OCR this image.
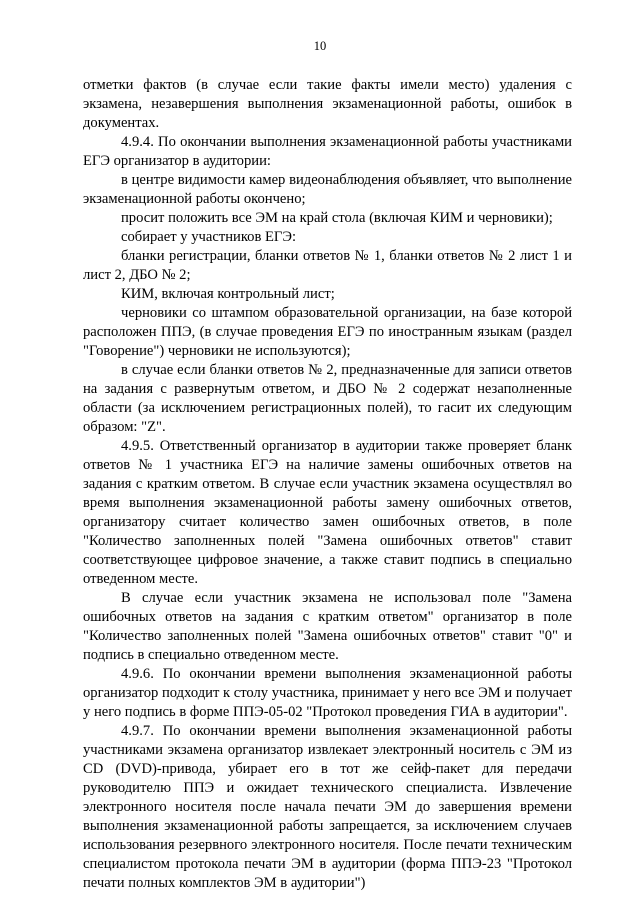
10

отметки фактов (в случае если такие факты имели место) удаления с экзамена, незавершения выполнения экзаменационной работы, ошибок в документах.

4.9.4. По окончании выполнения экзаменационной работы участниками ЕГЭ организатор в аудитории:

в центре видимости камер видеонаблюдения объявляет, что выполнение экзаменационной работы окончено;

просит положить все ЭМ на край стола (включая КИМ и черновики);

собирает у участников ЕГЭ:

бланки регистрации, бланки ответов № 1, бланки ответов № 2 лист 1 и лист 2, ДБО № 2;

КИМ, включая контрольный лист;

черновики со штампом образовательной организации, на базе которой расположен ППЭ, (в случае проведения ЕГЭ по иностранным языкам (раздел "Говорение") черновики не используются);

в случае если бланки ответов № 2, предназначенные для записи ответов на задания с развернутым ответом, и ДБО № 2 содержат незаполненные области (за исключением регистрационных полей), то гасит их следующим образом: "Z".

4.9.5. Ответственный организатор в аудитории также проверяет бланк ответов № 1 участника ЕГЭ на наличие замены ошибочных ответов на задания с кратким ответом. В случае если участник экзамена осуществлял во время выполнения экзаменационной работы замену ошибочных ответов, организатору считает количество замен ошибочных ответов, в поле "Количество заполненных полей "Замена ошибочных ответов" ставит соответствующее цифровое значение, а также ставит подпись в специально отведенном месте.

В случае если участник экзамена не использовал поле "Замена ошибочных ответов на задания с кратким ответом" организатор в поле "Количество заполненных полей "Замена ошибочных ответов" ставит "0" и подпись в специально отведенном месте.

4.9.6. По окончании времени выполнения экзаменационной работы организатор подходит к столу участника, принимает у него все ЭМ и получает у него подпись в форме ППЭ-05-02 "Протокол проведения ГИА в аудитории".

4.9.7. По окончании времени выполнения экзаменационной работы участниками экзамена организатор извлекает электронный носитель с ЭМ из CD (DVD)-привода, убирает его в тот же сейф-пакет для передачи руководителю ППЭ и ожидает технического специалиста. Извлечение электронного носителя после начала печати ЭМ до завершения времени выполнения экзаменационной работы запрещается, за исключением случаев использования резервного электронного носителя. После печати техническим специалистом протокола печати ЭМ в аудитории (форма ППЭ-23 "Протокол печати полных комплектов ЭМ в аудитории")
